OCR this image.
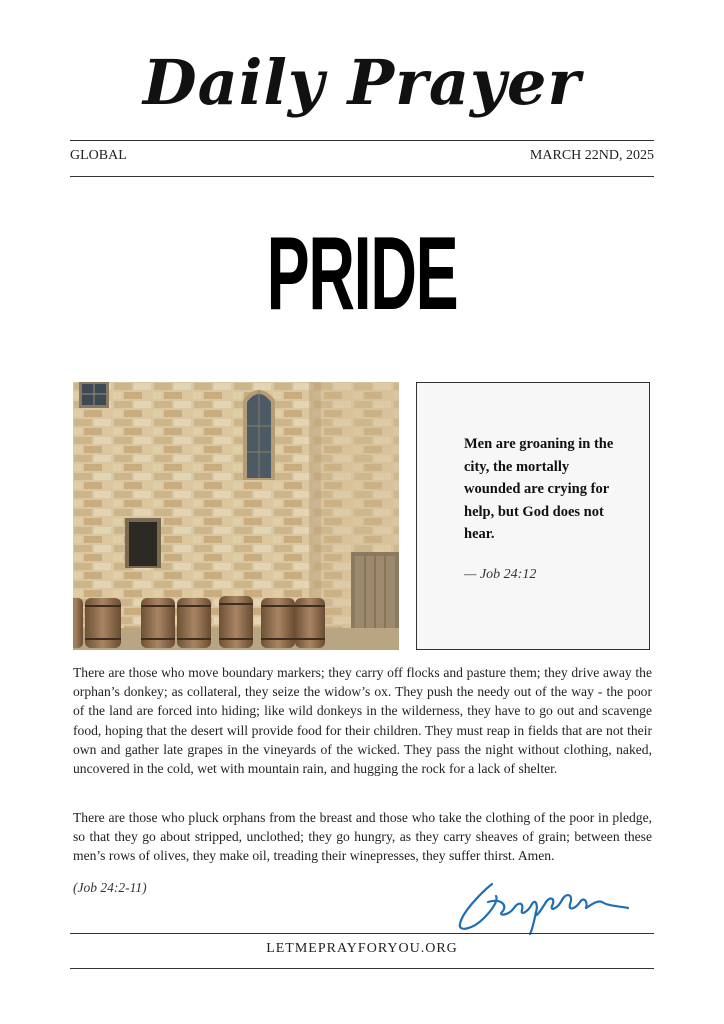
Daily Prayer
GLOBAL	MARCH 22ND, 2025
PRIDE
Men are groaning in the city, the mortally wounded are crying for help, but God does not hear.
— Job 24:12

There are those who move boundary markers; they carry off flocks and pasture them; they drive away the orphan’s donkey; as collateral, they seize the widow’s ox. They push the needy out of the way - the poor of the land are forced into hiding; like wild donkeys in the wilderness, they have to go out and scavenge food, hoping that the desert will provide food for their children. They must reap in fields that are not their own and gather late grapes in the vineyards of the wicked. They pass the night without clothing, naked, uncovered in the cold, wet with mountain rain, and hugging the rock for a lack of shelter.

There are those who pluck orphans from the breast and those who take the clothing of the poor in pledge, so that they go about stripped, unclothed; they go hungry, as they carry sheaves of grain; between these men’s rows of olives, they make oil, treading their winepresses, they suffer thirst. Amen.

(Job 24:2-11)
LETMEPRAYFORYOU.ORG
